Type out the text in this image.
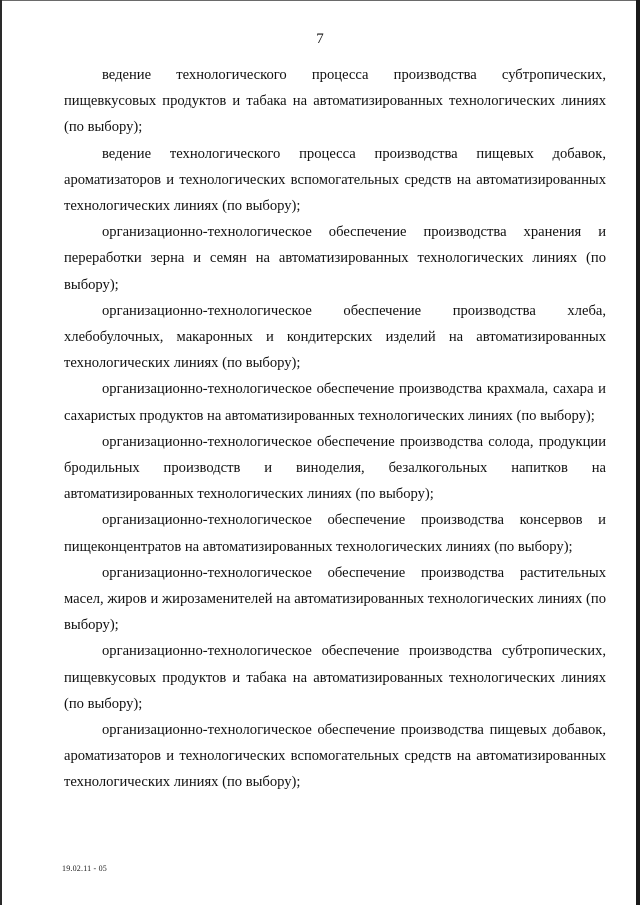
7

ведение технологического процесса производства субтропических, пищевкусовых продуктов и табака на автоматизированных технологических линиях (по выбору);

ведение технологического процесса производства пищевых добавок, ароматизаторов и технологических вспомогательных средств на автоматизированных технологических линиях (по выбору);

организационно-технологическое обеспечение производства хранения и переработки зерна и семян на автоматизированных технологических линиях (по выбору);

организационно-технологическое обеспечение производства хлеба, хлебобулочных, макаронных и кондитерских изделий на автоматизированных технологических линиях (по выбору);

организационно-технологическое обеспечение производства крахмала, сахара и сахаристых продуктов на автоматизированных технологических линиях (по выбору);

организационно-технологическое обеспечение производства солода, продукции бродильных производств и виноделия, безалкогольных напитков на автоматизированных технологических линиях (по выбору);

организационно-технологическое обеспечение производства консервов и пищеконцентратов на автоматизированных технологических линиях (по выбору);

организационно-технологическое обеспечение производства растительных масел, жиров и жирозаменителей на автоматизированных технологических линиях (по выбору);

организационно-технологическое обеспечение производства субтропических, пищевкусовых продуктов и табака на автоматизированных технологических линиях (по выбору);

организационно-технологическое обеспечение производства пищевых добавок, ароматизаторов и технологических вспомогательных средств на автоматизированных технологических линиях (по выбору);

19.02.11 - 05
